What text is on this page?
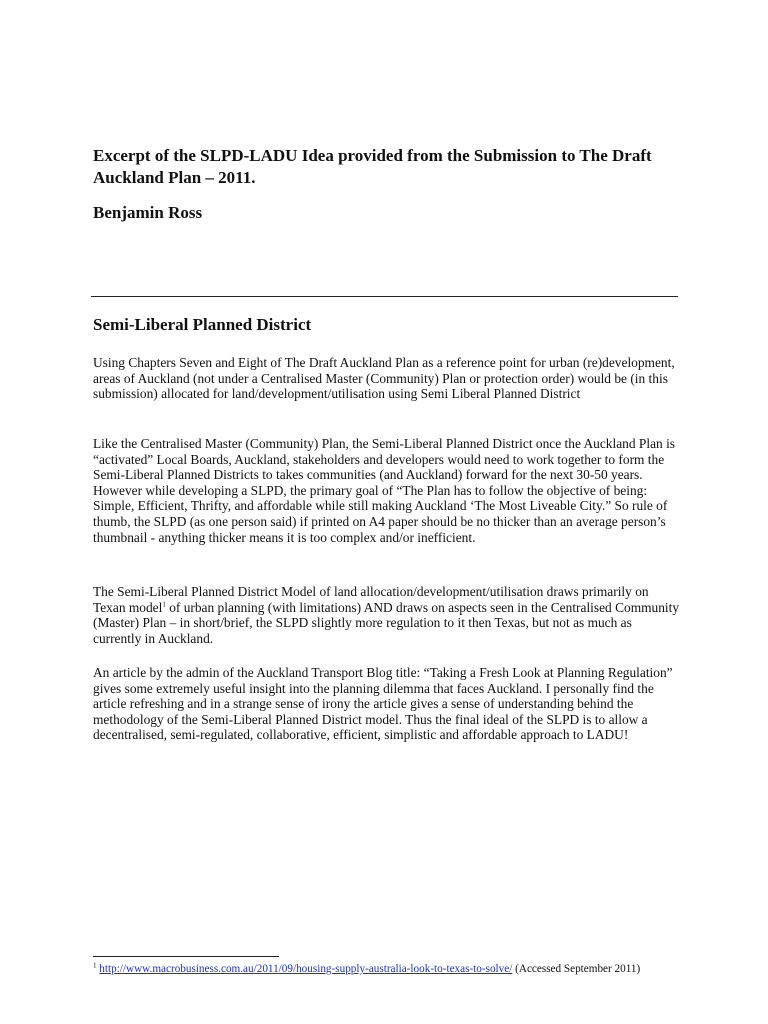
Excerpt of the SLPD-LADU Idea provided from the Submission to The Draft Auckland Plan – 2011.

Benjamin Ross

Semi-Liberal Planned District

Using Chapters Seven and Eight of The Draft Auckland Plan as a reference point for urban (re)development, areas of Auckland (not under a Centralised Master (Community) Plan or protection order) would be (in this submission) allocated for land/development/utilisation using Semi Liberal Planned District

Like the Centralised Master (Community) Plan, the Semi-Liberal Planned District once the Auckland Plan is “activated” Local Boards, Auckland, stakeholders and developers would need to work together to form the Semi-Liberal Planned Districts to takes communities (and Auckland) forward for the next 30-50 years. However while developing a SLPD, the primary goal of “The Plan has to follow the objective of being: Simple, Efficient, Thrifty, and affordable while still making Auckland ‘The Most Liveable City.” So rule of thumb, the SLPD (as one person said) if printed on A4 paper should be no thicker than an average person’s thumbnail - anything thicker means it is too complex and/or inefficient.

The Semi-Liberal Planned District Model of land allocation/development/utilisation draws primarily on Texan model$^1$ of urban planning (with limitations) AND draws on aspects seen in the Centralised Community (Master) Plan – in short/brief, the SLPD slightly more regulation to it then Texas, but not as much as currently in Auckland.

An article by the admin of the Auckland Transport Blog title: “Taking a Fresh Look at Planning Regulation” gives some extremely useful insight into the planning dilemma that faces Auckland. I personally find the article refreshing and in a strange sense of irony the article gives a sense of understanding behind the methodology of the Semi-Liberal Planned District model. Thus the final ideal of the SLPD is to allow a decentralised, semi-regulated, collaborative, efficient, simplistic and affordable approach to LADU!

$^1$ http://www.macrobusiness.com.au/2011/09/housing-supply-australia-look-to-texas-to-solve/ (Accessed September 2011)
